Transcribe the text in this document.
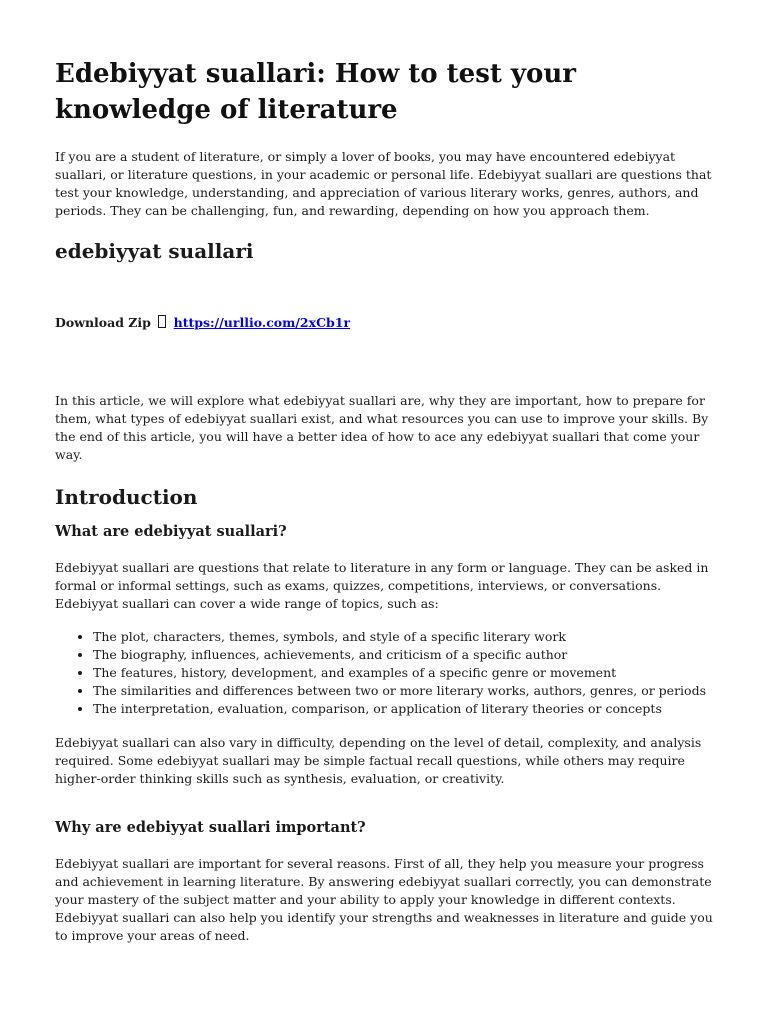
Edebiyyat suallari: How to test your knowledge of literature

If you are a student of literature, or simply a lover of books, you may have encountered edebiyyat suallari, or literature questions, in your academic or personal life. Edebiyyat suallari are questions that test your knowledge, understanding, and appreciation of various literary works, genres, authors, and periods. They can be challenging, fun, and rewarding, depending on how you approach them.

edebiyyat suallari
Download Zip https://urllio.com/2xCb1r

In this article, we will explore what edebiyyat suallari are, why they are important, how to prepare for them, what types of edebiyyat suallari exist, and what resources you can use to improve your skills. By the end of this article, you will have a better idea of how to ace any edebiyyat suallari that come your way.

Introduction
What are edebiyyat suallari?

Edebiyyat suallari are questions that relate to literature in any form or language. They can be asked in formal or informal settings, such as exams, quizzes, competitions, interviews, or conversations. Edebiyyat suallari can cover a wide range of topics, such as:

• The plot, characters, themes, symbols, and style of a specific literary work
• The biography, influences, achievements, and criticism of a specific author
• The features, history, development, and examples of a specific genre or movement
• The similarities and differences between two or more literary works, authors, genres, or periods
• The interpretation, evaluation, comparison, or application of literary theories or concepts

Edebiyyat suallari can also vary in difficulty, depending on the level of detail, complexity, and analysis required. Some edebiyyat suallari may be simple factual recall questions, while others may require higher-order thinking skills such as synthesis, evaluation, or creativity.

Why are edebiyyat suallari important?

Edebiyyat suallari are important for several reasons. First of all, they help you measure your progress and achievement in learning literature. By answering edebiyyat suallari correctly, you can demonstrate your mastery of the subject matter and your ability to apply your knowledge in different contexts. Edebiyyat suallari can also help you identify your strengths and weaknesses in literature and guide you to improve your areas of need.
